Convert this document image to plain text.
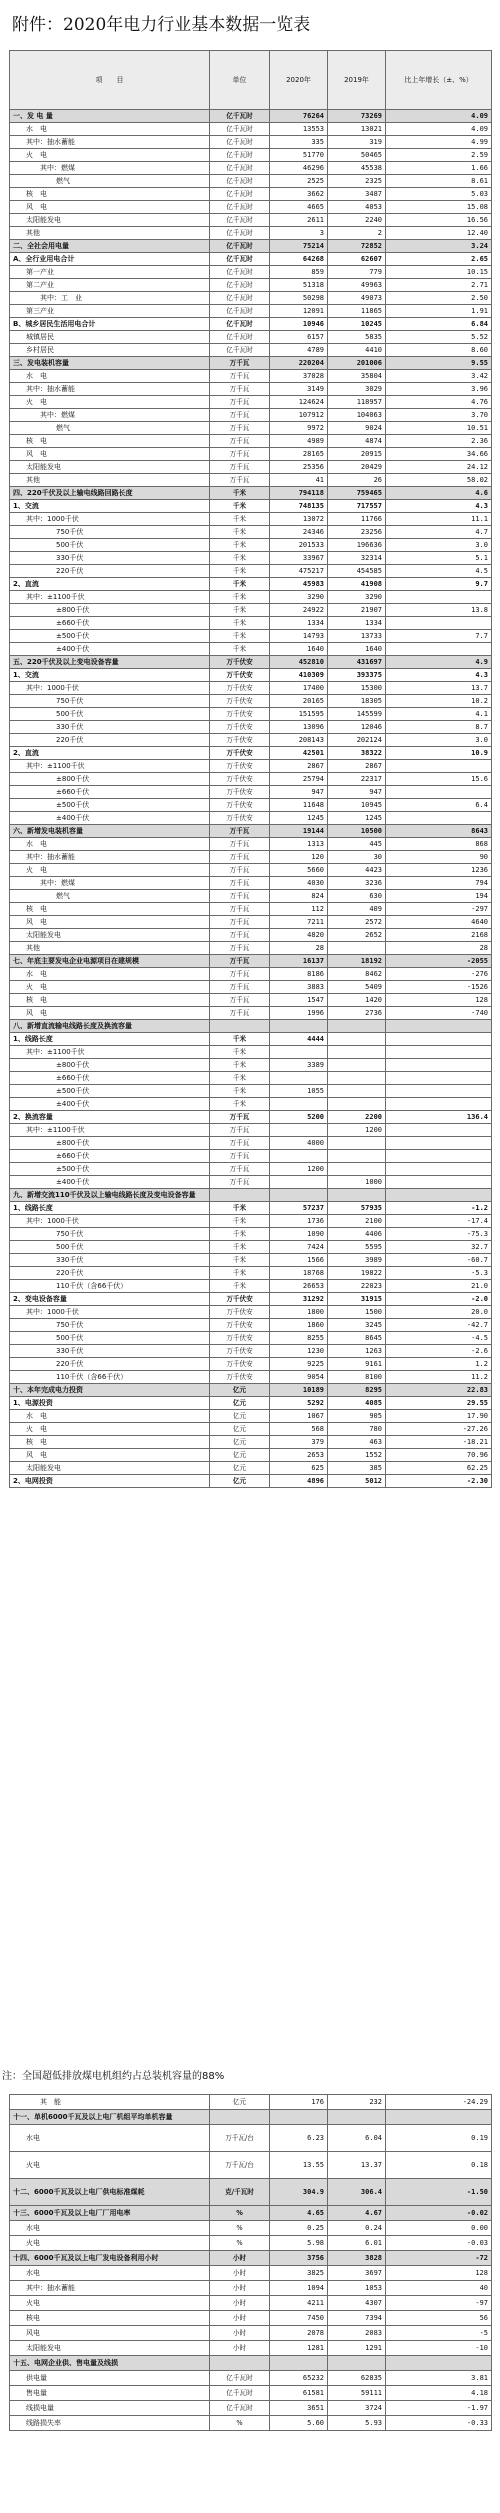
附件：2020年电力行业基本数据一览表
项　　目	单位	2020年	2019年	比上年增长（±、%）
一、发 电 量	亿千瓦时	76264	73269	4.09
水　电	亿千瓦时	13553	13021	4.09
其中：抽水蓄能	亿千瓦时	335	319	4.99
火　电	亿千瓦时	51770	50465	2.59
其中：燃煤	亿千瓦时	46296	45538	1.66
燃气	亿千瓦时	2525	2325	8.61
核　电	亿千瓦时	3662	3487	5.03
风　电	亿千瓦时	4665	4053	15.08
太阳能发电	亿千瓦时	2611	2240	16.56
其他	亿千瓦时	3	2	12.40
二、全社会用电量	亿千瓦时	75214	72852	3.24
A、全行业用电合计	亿千瓦时	64268	62607	2.65
第一产业	亿千瓦时	859	779	10.15
第二产业	亿千瓦时	51318	49963	2.71
其中：工　业	亿千瓦时	50298	49073	2.50
第三产业	亿千瓦时	12091	11865	1.91
B、城乡居民生活用电合计	亿千瓦时	10946	10245	6.84
城镇居民	亿千瓦时	6157	5835	5.52
乡村居民	亿千瓦时	4789	4410	8.60
三、发电装机容量	万千瓦	220204	201006	9.55
水　电	万千瓦	37028	35804	3.42
其中：抽水蓄能	万千瓦	3149	3029	3.96
火　电	万千瓦	124624	118957	4.76
其中：燃煤	万千瓦	107912	104063	3.70
燃气	万千瓦	9972	9024	10.51
核　电	万千瓦	4989	4874	2.36
风　电	万千瓦	28165	20915	34.66
太阳能发电	万千瓦	25356	20429	24.12
其他	万千瓦	41	26	58.02
四、220千伏及以上输电线路回路长度	千米	794118	759465	4.6
1、交流	千米	748135	717557	4.3
其中：1000千伏	千米	13072	11766	11.1
750千伏	千米	24346	23256	4.7
500千伏	千米	201533	196636	3.0
330千伏	千米	33967	32314	5.1
220千伏	千米	475217	454585	4.5
2、直流	千米	45983	41908	9.7
其中：±1100千伏	千米	3290	3290	
±800千伏	千米	24922	21907	13.8
±660千伏	千米	1334	1334	
±500千伏	千米	14793	13733	7.7
±400千伏	千米	1640	1640	
五、220千伏及以上变电设备容量	万千伏安	452810	431697	4.9
1、交流	万千伏安	410309	393375	4.3
其中：1000千伏	万千伏安	17400	15300	13.7
750千伏	万千伏安	20165	18305	10.2
500千伏	万千伏安	151595	145599	4.1
330千伏	万千伏安	13096	12046	8.7
220千伏	万千伏安	208143	202124	3.0
2、直流	万千伏安	42501	38322	10.9
其中：±1100千伏	万千伏安	2867	2867	
±800千伏	万千伏安	25794	22317	15.6
±660千伏	万千伏安	947	947	
±500千伏	万千伏安	11648	10945	6.4
±400千伏	万千伏安	1245	1245	
六、新增发电装机容量	万千瓦	19144	10500	8643
水　电	万千瓦	1313	445	868
其中：抽水蓄能	万千瓦	120	30	90
火　电	万千瓦	5660	4423	1236
其中：燃煤	万千瓦	4030	3236	794
燃气	万千瓦	824	630	194
核　电	万千瓦	112	409	-297
风　电	万千瓦	7211	2572	4640
太阳能发电	万千瓦	4820	2652	2168
其他	万千瓦	28		28
七、年底主要发电企业电源项目在建规模	万千瓦	16137	18192	-2055
水　电	万千瓦	8186	8462	-276
火　电	万千瓦	3883	5409	-1526
核　电	万千瓦	1547	1420	128
风　电	万千瓦	1996	2736	-740
八、新增直流输电线路长度及换流容量				
1、线路长度	千米	4444		
其中：±1100千伏	千米			
±800千伏	千米	3389		
±660千伏	千米			
±500千伏	千米	1055		
±400千伏	千米			
2、换流容量	万千瓦	5200	2200	136.4
其中：±1100千伏	万千瓦		1200	
±800千伏	万千瓦	4000		
±660千伏	万千瓦			
±500千伏	万千瓦	1200		
±400千伏	万千瓦		1000	
九、新增交流110千伏及以上输电线路长度及变电设备容量				
1、线路长度	千米	57237	57935	-1.2
其中：1000千伏	千米	1736	2100	-17.4
750千伏	千米	1090	4406	-75.3
500千伏	千米	7424	5595	32.7
330千伏	千米	1566	3989	-60.7
220千伏	千米	18768	19822	-5.3
110千伏（含66千伏）	千米	26653	22023	21.0
2、变电设备容量	万千伏安	31292	31915	-2.0
其中：1000千伏	万千伏安	1800	1500	20.0
750千伏	万千伏安	1860	3245	-42.7
500千伏	万千伏安	8255	8645	-4.5
330千伏	万千伏安	1230	1263	-2.6
220千伏	万千伏安	9225	9161	1.2
110千伏（含66千伏）	万千伏安	9054	8100	11.2
十、本年完成电力投资	亿元	10189	8295	22.83
1、电源投资	亿元	5292	4085	29.55
水　电	亿元	1067	905	17.90
火　电	亿元	568	780	-27.26
核　电	亿元	379	463	-18.21
风　电	亿元	2653	1552	70.96
太阳能发电	亿元	625	385	62.25
2、电网投资	亿元	4896	5012	-2.30
注：全国超低排放煤电机组约占总装机容量的88%
其　能	亿元	176	232	-24.29
十一、单机6000千瓦及以上电厂机组平均单机容量				
水电	万千瓦/台	6.23	6.04	0.19
火电	万千瓦/台	13.55	13.37	0.18
十二、6000千瓦及以上电厂供电标准煤耗	克/千瓦时	304.9	306.4	-1.50
十三、6000千瓦及以上电厂厂用电率	%	4.65	4.67	-0.02
水电	%	0.25	0.24	0.00
火电	%	5.98	6.01	-0.03
十四、6000千瓦及以上电厂发电设备利用小时	小时	3756	3828	-72
水电	小时	3825	3697	128
其中：抽水蓄能	小时	1094	1053	40
火电	小时	4211	4307	-97
核电	小时	7450	7394	56
风电	小时	2078	2083	-5
太阳能发电	小时	1281	1291	-10
十五、电网企业供、售电量及线损				
供电量	亿千瓦时	65232	62835	3.81
售电量	亿千瓦时	61581	59111	4.18
线损电量	亿千瓦时	3651	3724	-1.97
线路损失率	%	5.60	5.93	-0.33
